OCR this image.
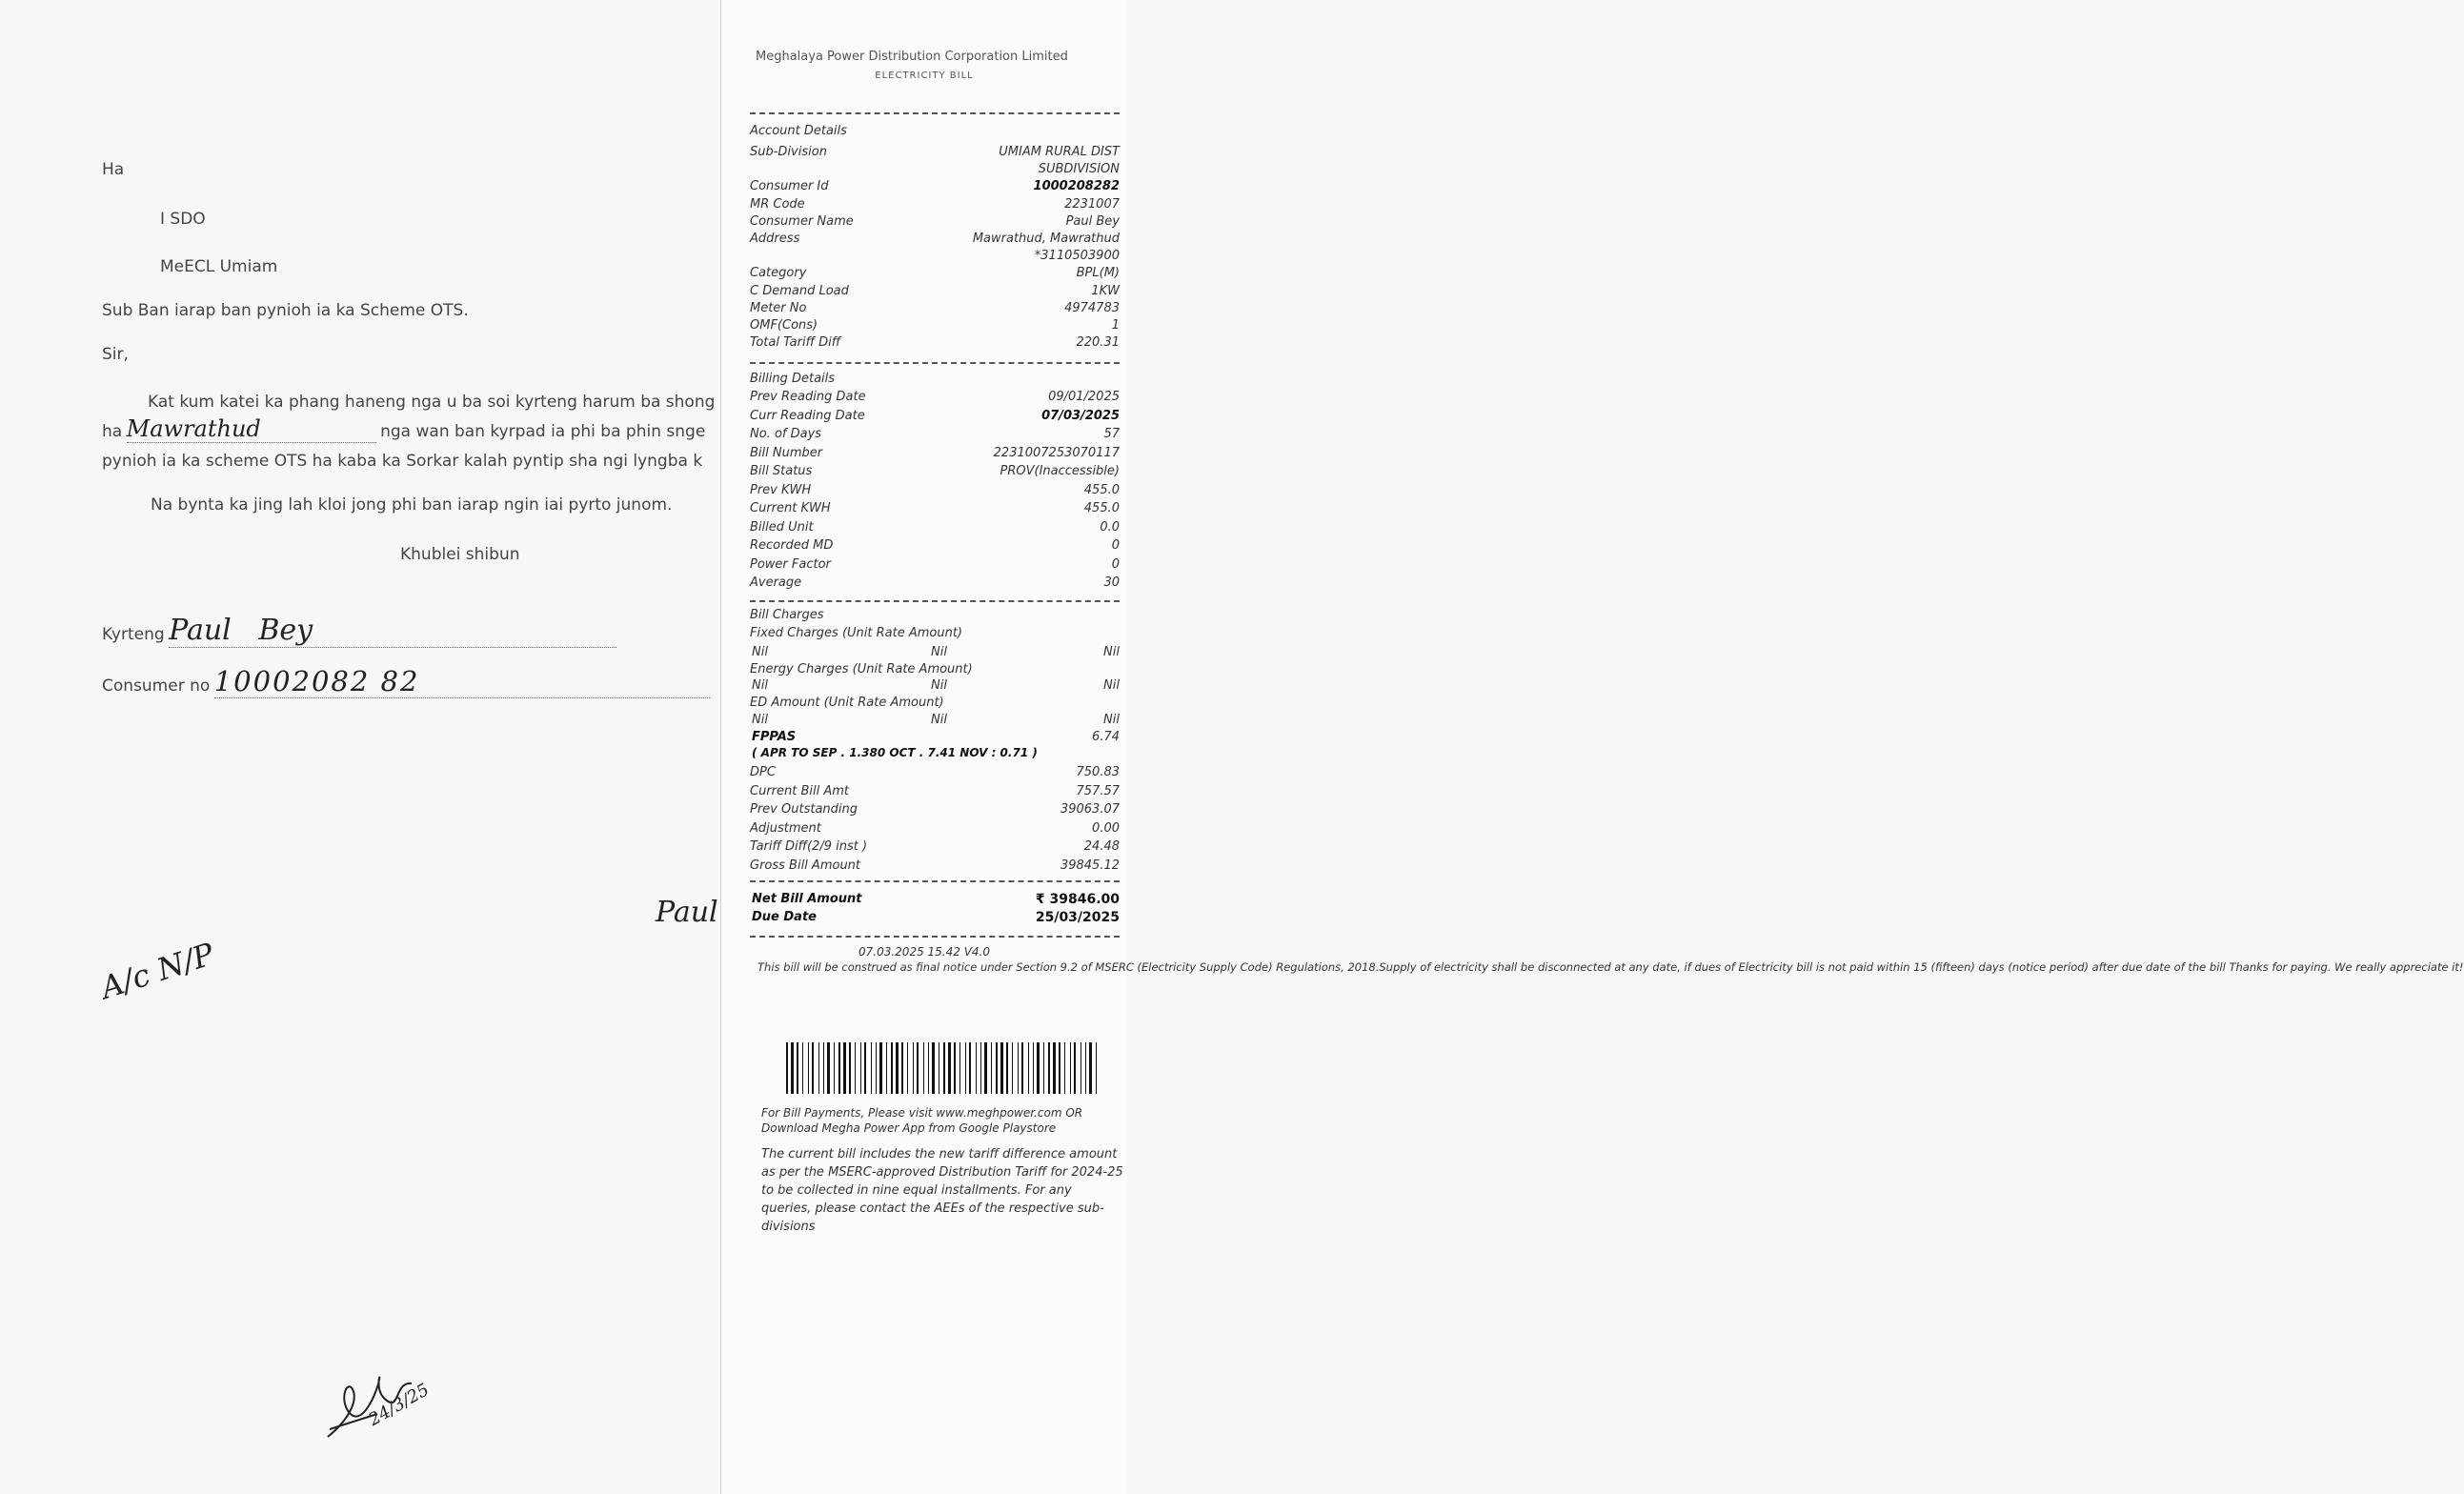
Ha
I SDO
MeECL Umiam
Sub Ban iarap ban pynioh ia ka Scheme OTS.
Sir,
Kat kum katei ka phang haneng nga u ba soi kyrteng harum ba shong
ha Mawrathud	nga wan ban kyrpad ia phi ba phin snge
pynioh ia ka scheme OTS ha kaba ka Sorkar kalah pyntip sha ngi lyngba k
Na bynta ka jing lah kloi jong phi ban iarap ngin iai pyrto junom.
Khublei shibun
Kyrteng Paul   Bey
Consumer no 10002082 82
Paul
A/c N/P
24/3/25
Meghalaya Power Distribution Corporation Limited
ELECTRICITY BILL
Account Details
Sub-Division	UMIAM RURAL DIST
SUBDIVISION
Consumer Id	1000208282
MR Code	2231007
Consumer Name	Paul Bey
Address	Mawrathud, Mawrathud
*3110503900
Category	BPL(M)
C Demand Load	1KW
Meter No	4974783
OMF(Cons)	1
Total Tariff Diff	220.31
Billing Details
Prev Reading Date	09/01/2025
Curr Reading Date	07/03/2025
No. of Days	57
Bill Number	2231007253070117
Bill Status	PROV(Inaccessible)
Prev KWH	455.0
Current KWH	455.0
Billed Unit	0.0
Recorded MD	0
Power Factor	0
Average	30
Bill Charges
Fixed Charges (Unit Rate Amount)
Nil	Nil	Nil
Energy Charges (Unit Rate Amount)
Nil	Nil	Nil
ED Amount (Unit Rate Amount)
Nil	Nil	Nil
FPPAS	6.74
( APR TO SEP . 1.380 OCT . 7.41 NOV : 0.71 )
DPC	750.83
Current Bill Amt	757.57
Prev Outstanding	39063.07
Adjustment	0.00
Tariff Diff(2/9 inst )	24.48
Gross Bill Amount	39845.12
Net Bill Amount	₹ 39846.00
Due Date	25/03/2025
07.03.2025 15.42 V4.0
This bill will be construed as final notice under Section 9.2 of MSERC (Electricity Supply Code) Regulations, 2018.Supply of electricity shall be disconnected at any date, if dues of Electricity bill is not paid within 15 (fifteen) days (notice period) after due date of the bill Thanks for paying. We really appreciate it!
For Bill Payments, Please visit www.meghpower.com OR Download Megha Power App from Google Playstore
The current bill includes the new tariff difference amount as per the MSERC-approved Distribution Tariff for 2024-25 to be collected in nine equal installments. For any queries, please contact the AEEs of the respective sub-divisions
